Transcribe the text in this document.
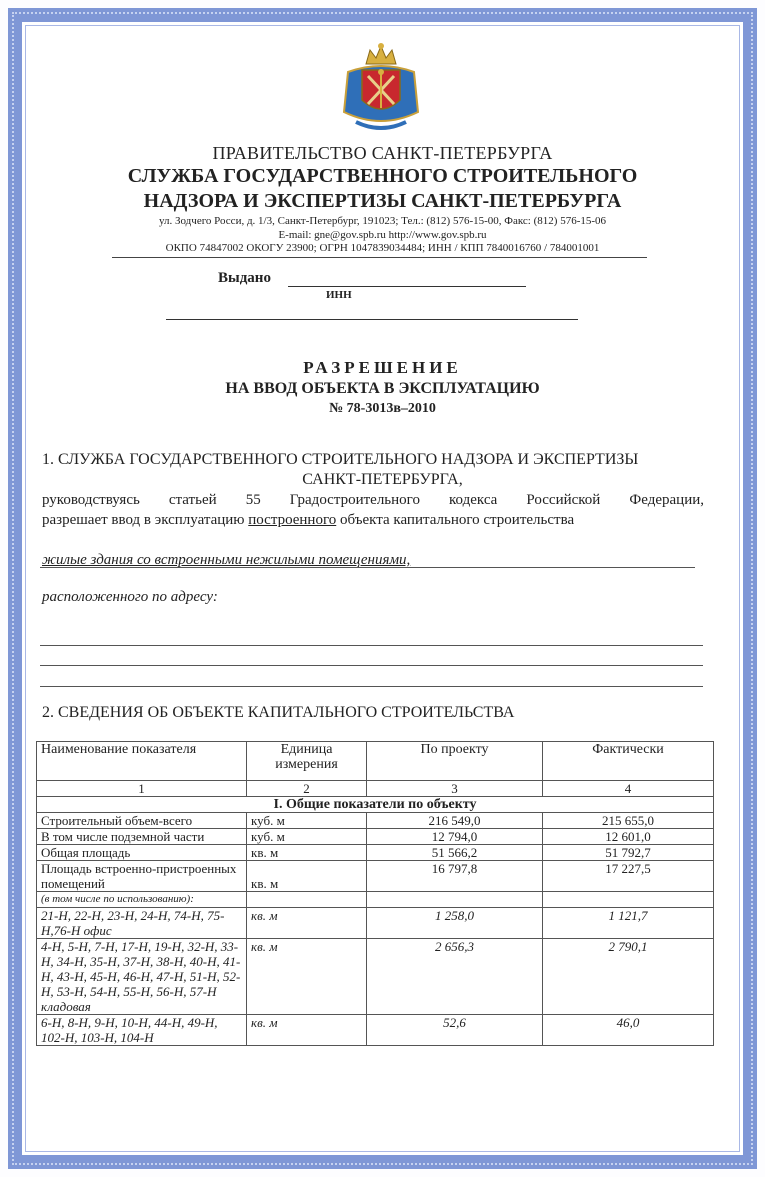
ПРАВИТЕЛЬСТВО САНКТ-ПЕТЕРБУРГА
СЛУЖБА ГОСУДАРСТВЕННОГО СТРОИТЕЛЬНОГО
НАДЗОРА И ЭКСПЕРТИЗЫ САНКТ-ПЕТЕРБУРГА
ул. Зодчего Росси, д. 1/3, Санкт-Петербург, 191023; Тел.: (812) 576-15-00, Факс: (812) 576-15-06
E-mail: gne@gov.spb.ru http://www.gov.spb.ru
ОКПО 74847002 ОКОГУ 23900; ОГРН 1047839034484; ИНН / КПП 7840016760 / 784001001
Выдано
ИНН
РАЗРЕШЕНИЕ
НА ВВОД ОБЪЕКТА В ЭКСПЛУАТАЦИЮ
№ 78-3013в–2010
1. СЛУЖБА ГОСУДАРСТВЕННОГО СТРОИТЕЛЬНОГО НАДЗОРА И ЭКСПЕРТИЗЫ
САНКТ-ПЕТЕРБУРГА,
руководствуясь статьей 55 Градостроительного кодекса Российской Федерации,
разрешает ввод в эксплуатацию построенного объекта капитального строительства
жилые здания со встроенными нежилыми помещениями,
расположенного по адресу:
2. СВЕДЕНИЯ ОБ ОБЪЕКТЕ КАПИТАЛЬНОГО СТРОИТЕЛЬСТВА
Наименование показателя	Единица измерения	По проекту	Фактически
1	2	3	4
I. Общие показатели по объекту			
Строительный объем-всего	куб. м	216 549,0	215 655,0
В том числе подземной части	куб. м	12 794,0	12 601,0
Общая площадь	кв. м	51 566,2	51 792,7
Площадь встроенно-пристроенных помещений	кв. м	16 797,8	17 227,5
(в том числе по использованию):			
21-Н, 22-Н, 23-Н, 24-Н, 74-Н, 75-Н,76-Н офис	кв. м	1 258,0	1 121,7
4-Н, 5-Н, 7-Н, 17-Н, 19-Н, 32-Н, 33-Н, 34-Н, 35-Н, 37-Н, 38-Н, 40-Н, 41-Н, 43-Н, 45-Н, 46-Н, 47-Н, 51-Н, 52-Н, 53-Н, 54-Н, 55-Н, 56-Н, 57-Н кладовая	кв. м	2 656,3	2 790,1
6-Н, 8-Н, 9-Н, 10-Н, 44-Н, 49-Н, 102-Н, 103-Н, 104-Н	кв. м	52,6	46,0
